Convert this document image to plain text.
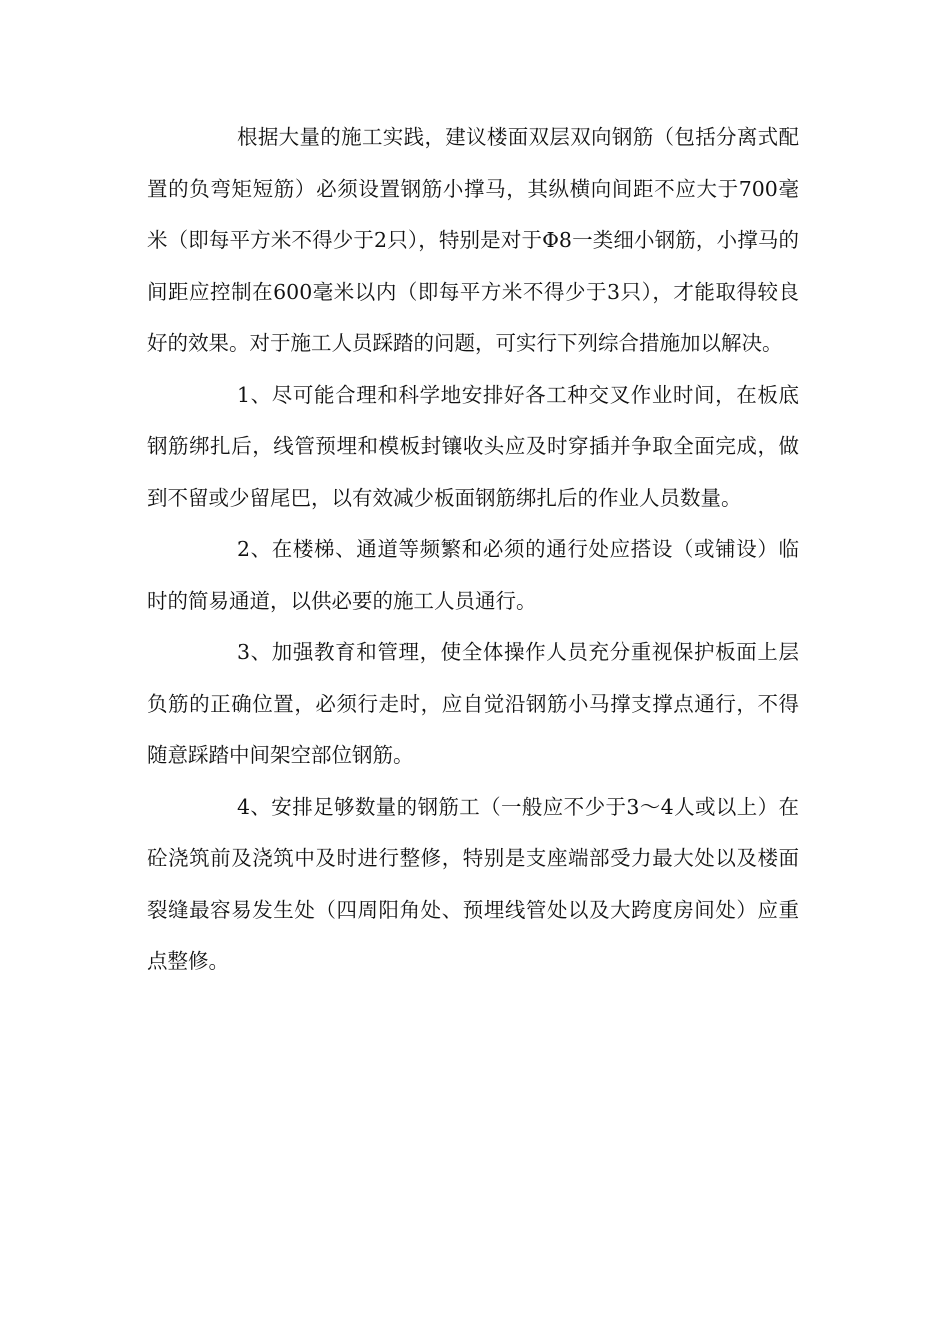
根据大量的施工实践，建议楼面双层双向钢筋（包括分离式配置的负弯矩短筋）必须设置钢筋小撑马，其纵横向间距不应大于700毫米（即每平方米不得少于2只），特别是对于Φ8一类细小钢筋，小撑马的间距应控制在600毫米以内（即每平方米不得少于3只），才能取得较良好的效果。对于施工人员踩踏的问题，可实行下列综合措施加以解决。

1、尽可能合理和科学地安排好各工种交叉作业时间，在板底钢筋绑扎后，线管预埋和模板封镶收头应及时穿插并争取全面完成，做到不留或少留尾巴，以有效减少板面钢筋绑扎后的作业人员数量。

2、在楼梯、通道等频繁和必须的通行处应搭设（或铺设）临时的简易通道，以供必要的施工人员通行。

3、加强教育和管理，使全体操作人员充分重视保护板面上层负筋的正确位置，必须行走时，应自觉沿钢筋小马撑支撑点通行，不得随意踩踏中间架空部位钢筋。

4、安排足够数量的钢筋工（一般应不少于3～4人或以上）在砼浇筑前及浇筑中及时进行整修，特别是支座端部受力最大处以及楼面裂缝最容易发生处（四周阳角处、预埋线管处以及大跨度房间处）应重点整修。
